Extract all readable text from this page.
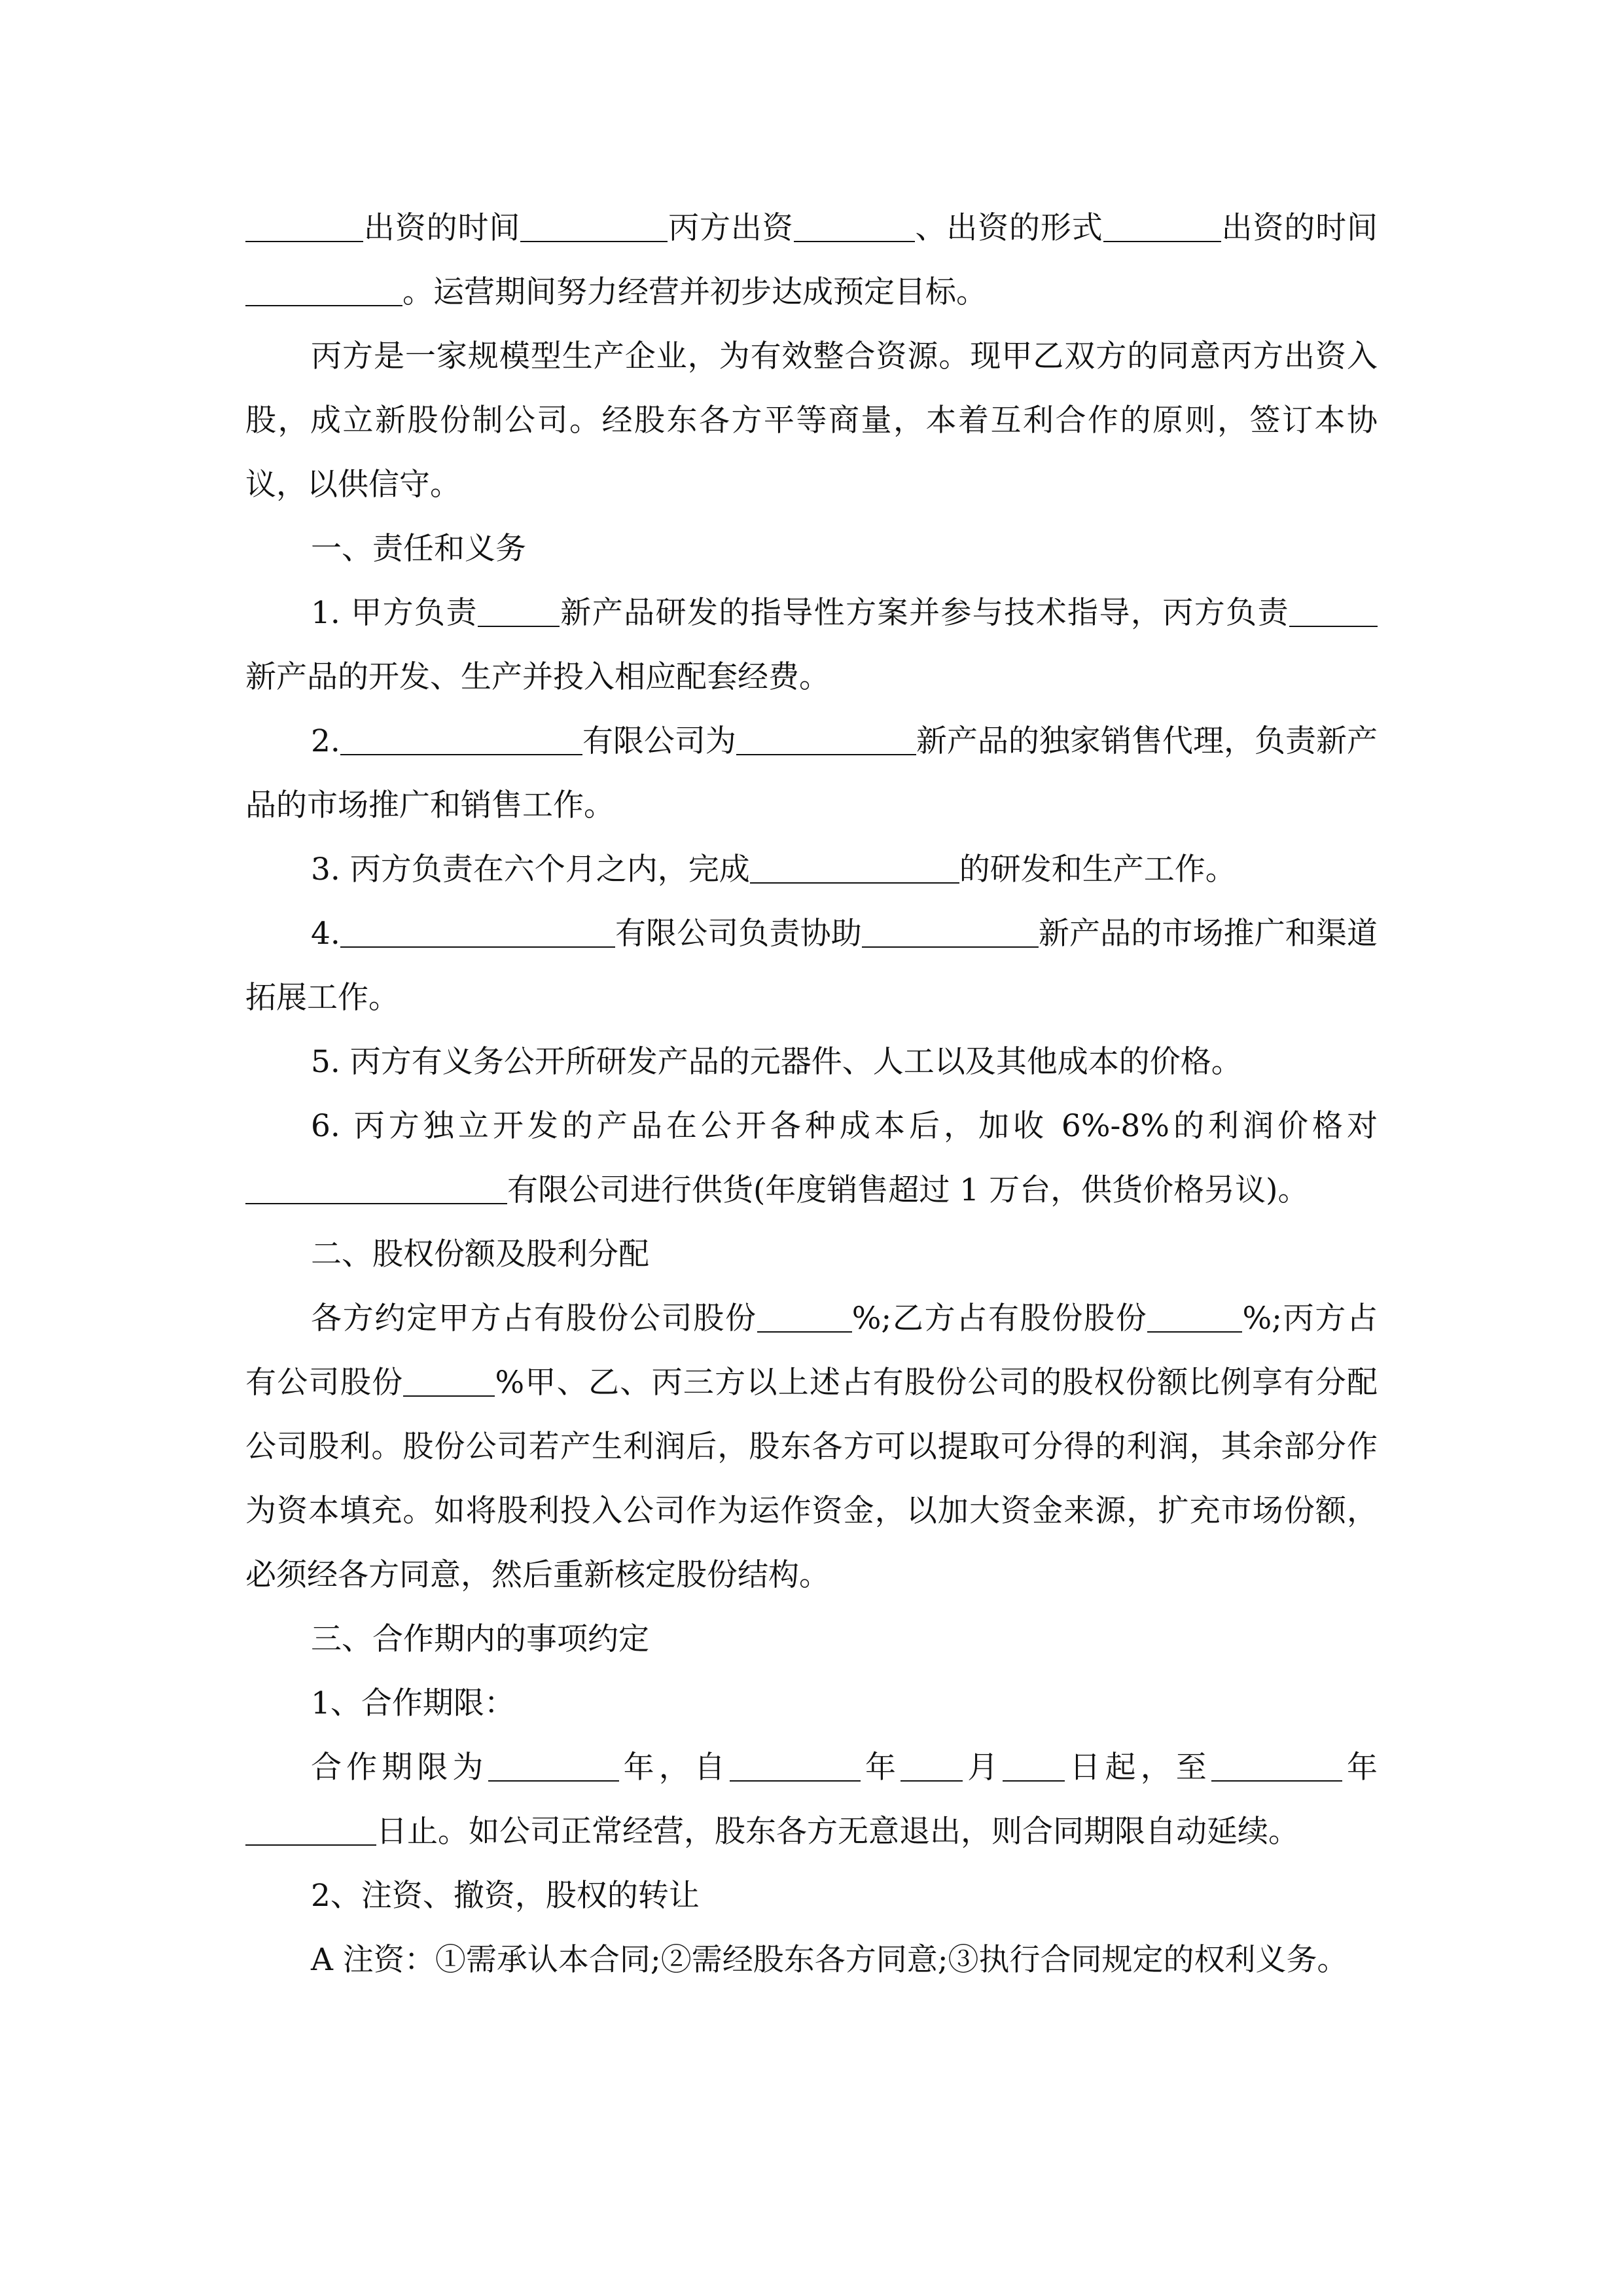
出资的时间	丙方出资	、出资的形式	出资的时间。运营期间努力经营并初步达成预定目标。

丙方是一家规模型生产企业，为有效整合资源。现甲乙双方的同意丙方出资入股，成立新股份制公司。经股东各方平等商量，本着互利合作的原则，签订本协议，以供信守。

一、责任和义务

1. 甲方负责	新产品研发的指导性方案并参与技术指导，丙方负责新产品的开发、生产并投入相应配套经费。

2.	有限公司为	新产品的独家销售代理，负责新产品的市场推广和销售工作。

3. 丙方负责在六个月之内，完成	的研发和生产工作。

4.	有限公司负责协助	新产品的市场推广和渠道拓展工作。

5. 丙方有义务公开所研发产品的元器件、人工以及其他成本的价格。

6. 丙方独立开发的产品在公开各种成本后，加收 6%-8%的利润价格对有限公司进行供货(年度销售超过 1 万台，供货价格另议)。

二、股权份额及股利分配

各方约定甲方占有股份公司股份	%;乙方占有股份股份	%;丙方占有公司股份	%甲、乙、丙三方以上述占有股份公司的股权份额比例享有分配公司股利。股份公司若产生利润后，股东各方可以提取可分得的利润，其余部分作为资本填充。如将股利投入公司作为运作资金，以加大资金来源，扩充市场份额，必须经各方同意，然后重新核定股份结构。

三、合作期内的事项约定

1、合作期限：

合作期限为	年，自	年 月 日起，至	年日止。如公司正常经营，股东各方无意退出，则合同期限自动延续。

2、注资、撤资，股权的转让

A 注资：①需承认本合同;②需经股东各方同意;③执行合同规定的权利义务。
